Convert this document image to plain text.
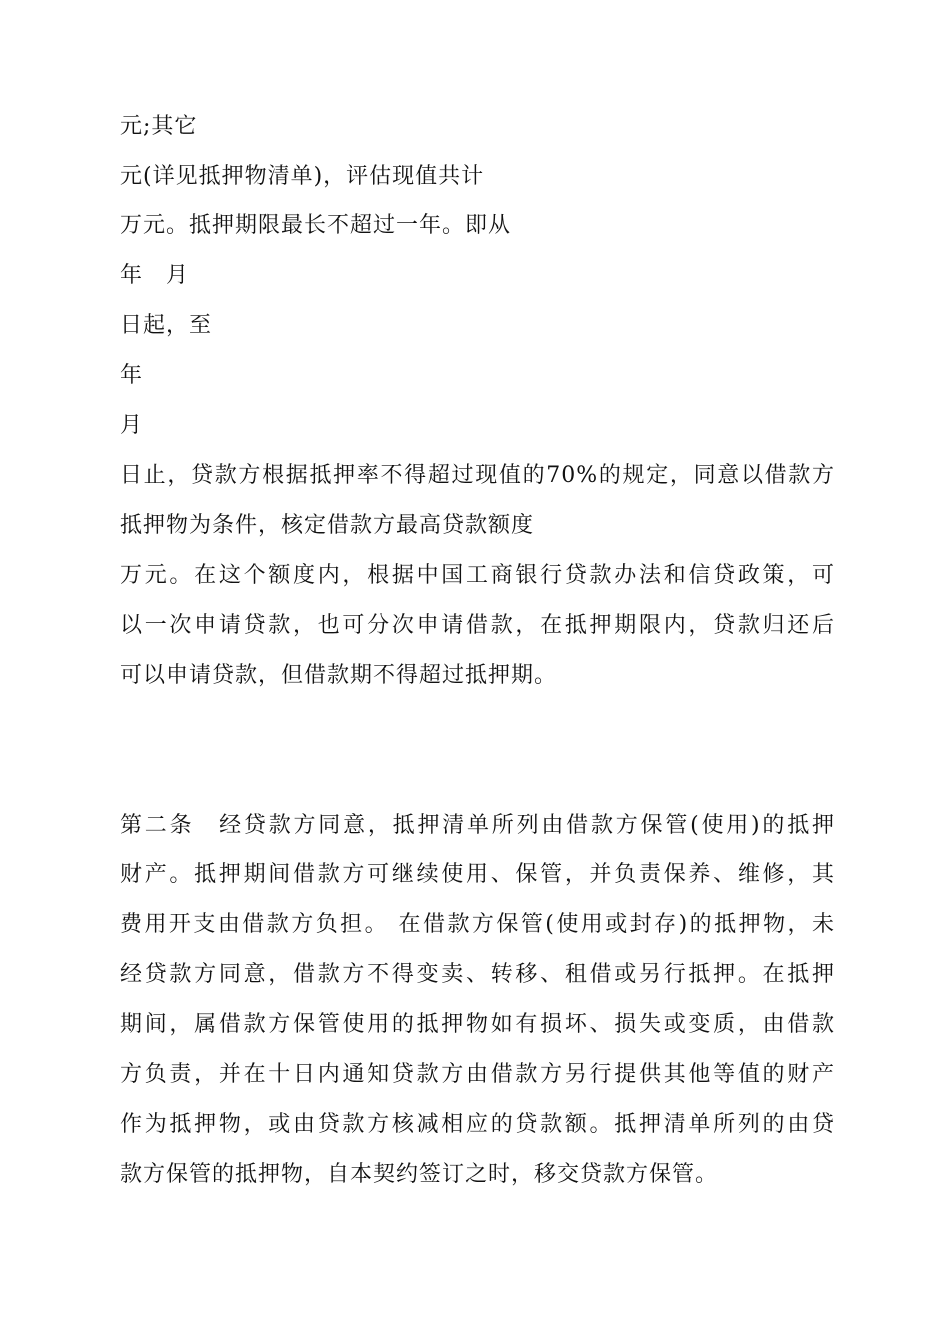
元;其它
元(详见抵押物清单)，评估现值共计
万元。抵押期限最长不超过一年。即从
年　月
日起，至
年
月
日止，贷款方根据抵押率不得超过现值的70%的规定，同意以借款方
抵押物为条件，核定借款方最高贷款额度
万元。在这个额度内，根据中国工商银行贷款办法和信贷政策，可
以一次申请贷款，也可分次申请借款，在抵押期限内，贷款归还后
可以申请贷款，但借款期不得超过抵押期。
第二条　经贷款方同意，抵押清单所列由借款方保管(使用)的抵押
财产。抵押期间借款方可继续使用、保管，并负责保养、维修，其
费用开支由借款方负担。 在借款方保管(使用或封存)的抵押物，未
经贷款方同意，借款方不得变卖、转移、租借或另行抵押。在抵押
期间，属借款方保管使用的抵押物如有损坏、损失或变质，由借款
方负责，并在十日内通知贷款方由借款方另行提供其他等值的财产
作为抵押物，或由贷款方核减相应的贷款额。抵押清单所列的由贷
款方保管的抵押物，自本契约签订之时，移交贷款方保管。
